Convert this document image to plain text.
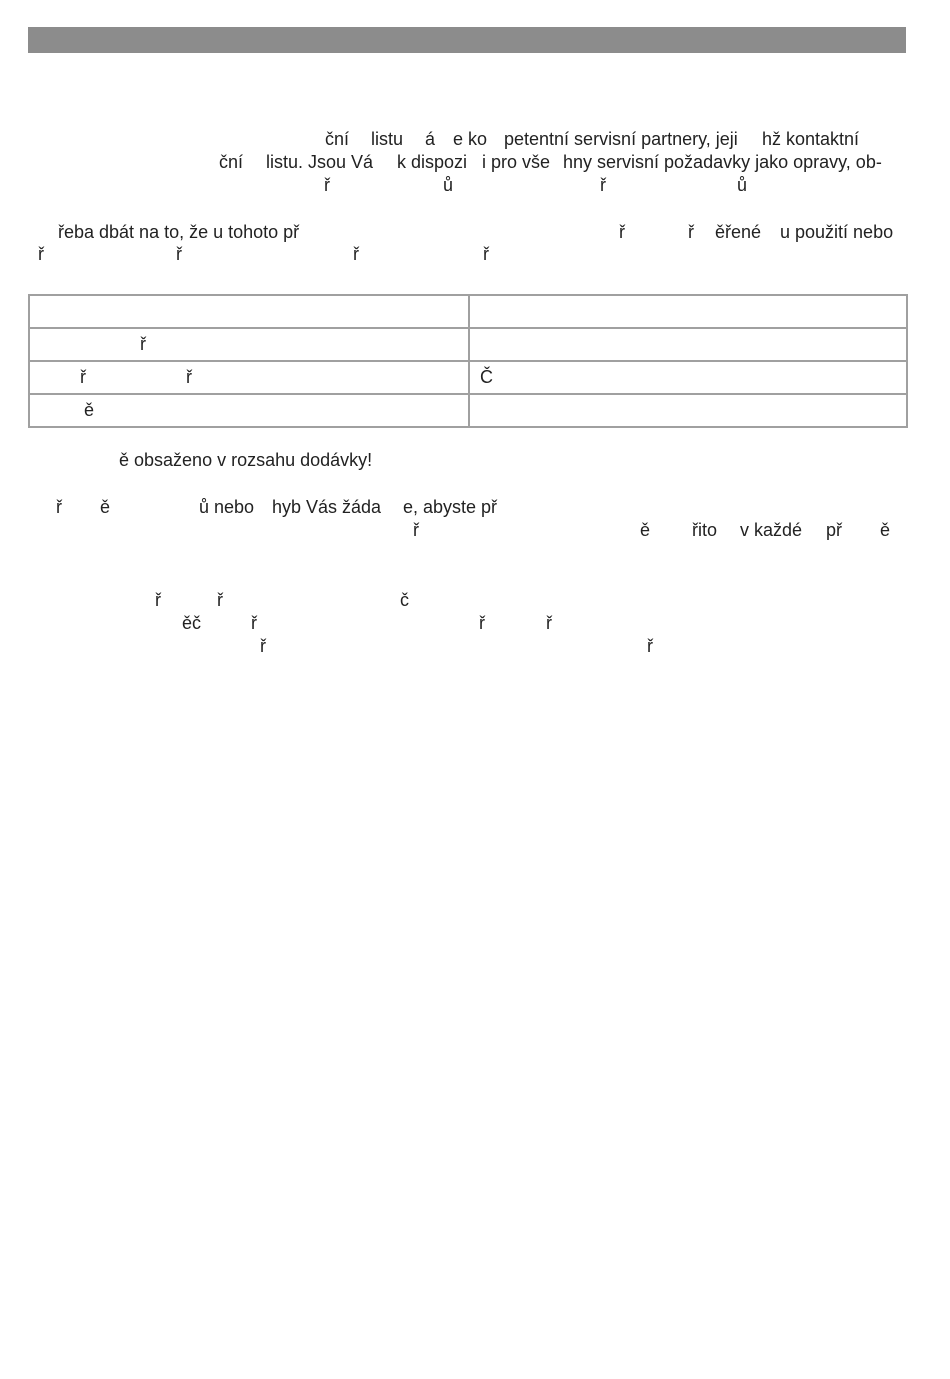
ční listu á e ko petentní servisní partnery, jeji hž kontaktní
ční listu. Jsou Vá k dispozi i pro vše hny servisní požadavky jako opravy, ob-
ř	ů	ř	ů
řeba dbát na to, že u tohoto př	ř	ř ěřené u použití nebo
ř	ř	ř	ř

ř	
ř                    ř	Č
ě	
ě obsaženo v rozsahu dodávky!
ř ě	ů nebo hyb Vás žáda e, abyste př
ř	ě řito v každé př ě
ř	ř	č
ěč	ř	ř	ř
ř	ř
